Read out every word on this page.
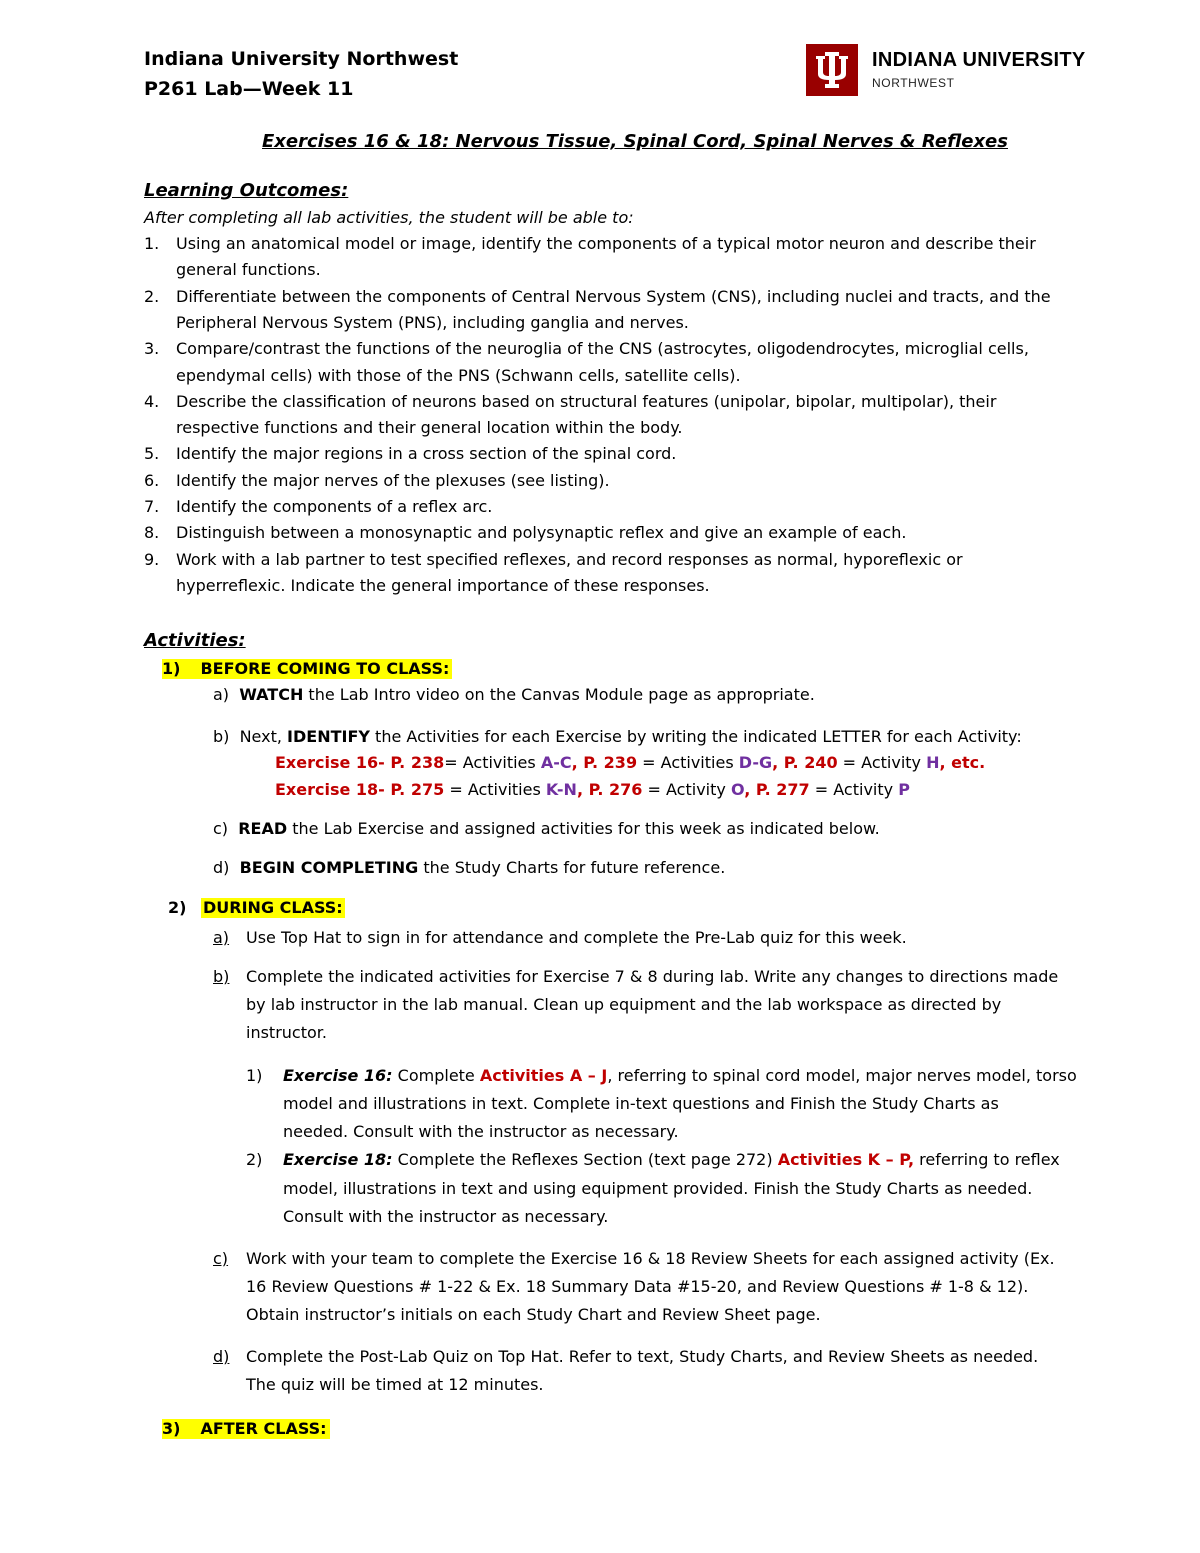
Indiana University Northwest
P261 Lab—Week 11
INDIANA UNIVERSITY
NORTHWEST
Exercises 16 & 18: Nervous Tissue, Spinal Cord, Spinal Nerves & Reflexes
Learning Outcomes:
After completing all lab activities, the student will be able to:
1. Using an anatomical model or image, identify the components of a typical motor neuron and describe their
general functions.
2. Differentiate between the components of Central Nervous System (CNS), including nuclei and tracts, and the
Peripheral Nervous System (PNS), including ganglia and nerves.
3. Compare/contrast the functions of the neuroglia of the CNS (astrocytes, oligodendrocytes, microglial cells,
ependymal cells) with those of the PNS (Schwann cells, satellite cells).
4. Describe the classification of neurons based on structural features (unipolar, bipolar, multipolar), their
respective functions and their general location within the body.
5. Identify the major regions in a cross section of the spinal cord.
6. Identify the major nerves of the plexuses (see listing).
7. Identify the components of a reflex arc.
8. Distinguish between a monosynaptic and polysynaptic reflex and give an example of each.
9. Work with a lab partner to test specified reflexes, and record responses as normal, hyporeflexic or
hyperreflexic. Indicate the general importance of these responses.
Activities:
1) BEFORE COMING TO CLASS:
a) WATCH the Lab Intro video on the Canvas Module page as appropriate.
b) Next, IDENTIFY the Activities for each Exercise by writing the indicated LETTER for each Activity:
Exercise 16- P. 238= Activities A-C, P. 239 = Activities D-G, P. 240 = Activity H, etc.
Exercise 18- P. 275 = Activities K-N, P. 276 = Activity O, P. 277 = Activity P
c) READ the Lab Exercise and assigned activities for this week as indicated below.
d) BEGIN COMPLETING the Study Charts for future reference.
2) DURING CLASS:
a) Use Top Hat to sign in for attendance and complete the Pre-Lab quiz for this week.
b) Complete the indicated activities for Exercise 7 & 8 during lab. Write any changes to directions made
by lab instructor in the lab manual. Clean up equipment and the lab workspace as directed by
instructor.
1) Exercise 16: Complete Activities A – J, referring to spinal cord model, major nerves model, torso
model and illustrations in text. Complete in-text questions and Finish the Study Charts as
needed. Consult with the instructor as necessary.
2) Exercise 18: Complete the Reflexes Section (text page 272) Activities K – P, referring to reflex
model, illustrations in text and using equipment provided. Finish the Study Charts as needed.
Consult with the instructor as necessary.
c) Work with your team to complete the Exercise 16 & 18 Review Sheets for each assigned activity (Ex.
16 Review Questions # 1-22 & Ex. 18 Summary Data #15-20, and Review Questions # 1-8 & 12).
Obtain instructor’s initials on each Study Chart and Review Sheet page.
d) Complete the Post-Lab Quiz on Top Hat. Refer to text, Study Charts, and Review Sheets as needed.
The quiz will be timed at 12 minutes.
3) AFTER CLASS:
